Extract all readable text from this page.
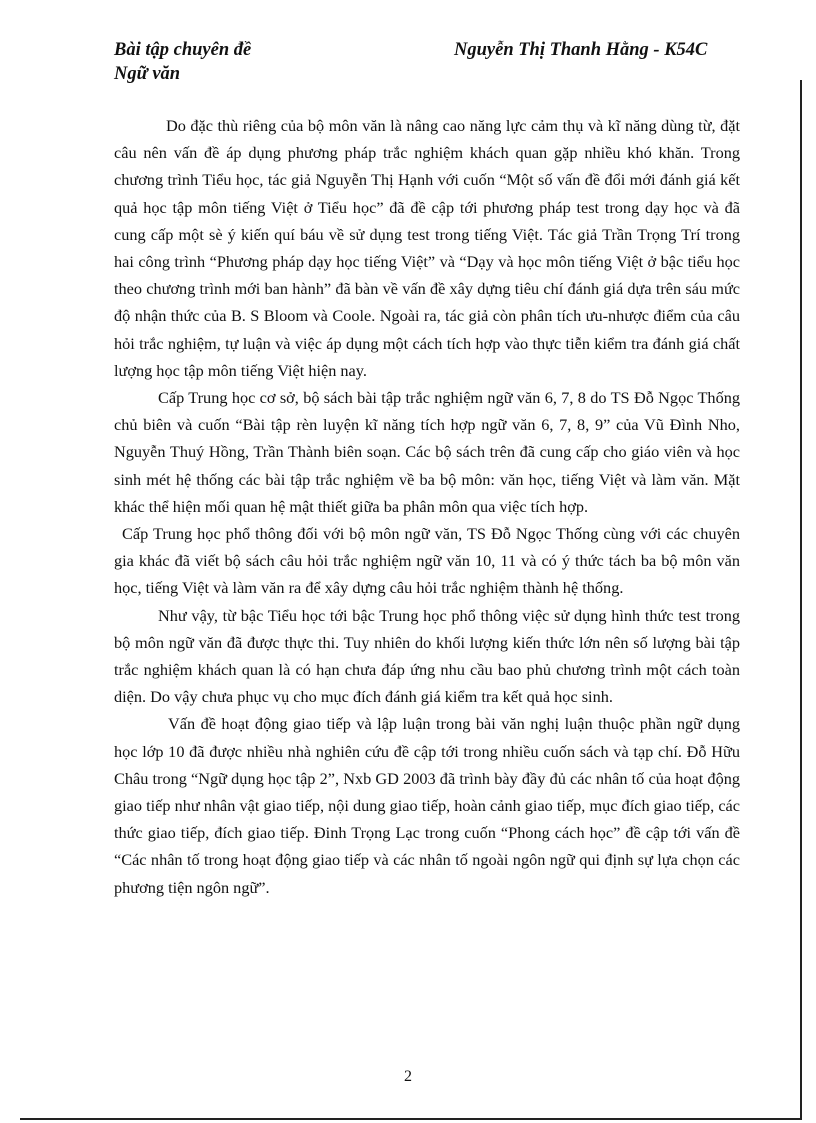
Bài tập chuyên đề
Ngữ văn
Nguyễn Thị Thanh Hằng - K54C

Do đặc thù riêng của bộ môn văn là nâng cao năng lực cảm thụ và kĩ năng dùng từ, đặt câu nên vấn đề áp dụng phương pháp trắc nghiệm khách quan gặp nhiều khó khăn. Trong chương trình Tiểu học, tác giả Nguyễn Thị Hạnh với cuốn “Một số vấn đề đổi mới đánh giá kết quả học tập môn tiếng Việt ở Tiểu học” đã đề cập tới phương pháp test trong dạy học và đã cung cấp một sè ý kiến quí báu về sử dụng test trong tiếng Việt. Tác giả Trần Trọng Trí trong hai công trình “Phương pháp dạy học tiếng Việt” và “Dạy và học môn tiếng Việt ở bậc tiểu học theo chương trình mới ban hành” đã bàn về vấn đề xây dựng tiêu chí đánh giá dựa trên sáu mức độ nhận thức của B. S Bloom và Coole. Ngoài ra, tác giả còn phân tích ưu-nhược điểm của câu hỏi trắc nghiệm, tự luận và việc áp dụng một cách tích hợp vào thực tiễn kiểm tra đánh giá chất lượng học tập môn tiếng Việt hiện nay.

Cấp Trung học cơ sở, bộ sách bài tập trắc nghiệm ngữ văn 6, 7, 8 do TS Đỗ Ngọc Thống chủ biên và cuốn “Bài tập rèn luyện kĩ năng tích hợp ngữ văn 6, 7, 8, 9” của Vũ Đình Nho, Nguyễn Thuý Hồng, Trần Thành biên soạn. Các bộ sách trên đã cung cấp cho giáo viên và học sinh mét hệ thống các bài tập trắc nghiệm về ba bộ môn: văn học, tiếng Việt và làm văn. Mặt khác thể hiện mối quan hệ mật thiết giữa ba phân môn qua việc tích hợp.

Cấp Trung học phổ thông đối với bộ môn ngữ văn, TS Đỗ Ngọc Thống cùng với các chuyên gia khác đã viết bộ sách câu hỏi trắc nghiệm ngữ văn 10, 11 và có ý thức tách ba bộ môn văn học, tiếng Việt và làm văn ra để xây dựng câu hỏi trắc nghiệm thành hệ thống.

Như vậy, từ bậc Tiểu học tới bậc Trung học phổ thông việc sử dụng hình thức test trong bộ môn ngữ văn đã được thực thi. Tuy nhiên do khối lượng kiến thức lớn nên số lượng bài tập trắc nghiệm khách quan là có hạn chưa đáp ứng nhu cầu bao phủ chương trình một cách toàn diện. Do vậy chưa phục vụ cho mục đích đánh giá kiểm tra kết quả học sinh.

Vấn đề hoạt động giao tiếp và lập luận trong bài văn nghị luận thuộc phần ngữ dụng học lớp 10 đã được nhiều nhà nghiên cứu đề cập tới trong nhiều cuốn sách và tạp chí. Đỗ Hữu Châu trong “Ngữ dụng học tập 2”, Nxb GD 2003 đã trình bày đầy đủ các nhân tố của hoạt động giao tiếp như nhân vật giao tiếp, nội dung giao tiếp, hoàn cảnh giao tiếp, mục đích giao tiếp, các thức giao tiếp, đích giao tiếp. Đinh Trọng Lạc trong cuốn “Phong cách học” đề cập tới vấn đề “Các nhân tố trong hoạt động giao tiếp và các nhân tố ngoài ngôn ngữ qui định sự lựa chọn các phương tiện ngôn ngữ”.

2
